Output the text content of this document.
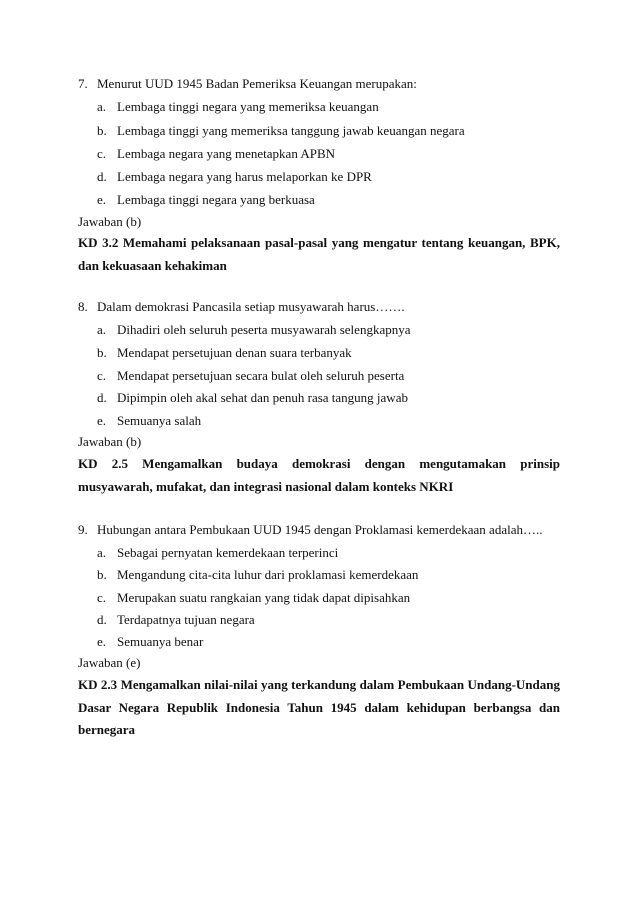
7. Menurut UUD 1945 Badan Pemeriksa Keuangan merupakan:
a. Lembaga tinggi negara yang memeriksa keuangan
b. Lembaga tinggi yang memeriksa tanggung jawab keuangan negara
c. Lembaga negara yang menetapkan APBN
d. Lembaga negara yang harus melaporkan ke DPR
e. Lembaga tinggi negara yang berkuasa
Jawaban (b)
KD 3.2 Memahami pelaksanaan pasal-pasal yang mengatur tentang keuangan, BPK, dan kekuasaan kehakiman
8. Dalam demokrasi Pancasila setiap musyawarah harus…….
a. Dihadiri oleh seluruh peserta musyawarah selengkapnya
b. Mendapat persetujuan denan suara terbanyak
c. Mendapat persetujuan secara bulat oleh seluruh peserta
d. Dipimpin oleh akal sehat dan penuh rasa tangung jawab
e. Semuanya salah
Jawaban (b)
KD 2.5 Mengamalkan budaya demokrasi dengan mengutamakan prinsip musyawarah, mufakat, dan integrasi nasional dalam konteks NKRI
9. Hubungan antara Pembukaan UUD 1945 dengan Proklamasi kemerdekaan adalah…..
a. Sebagai pernyatan kemerdekaan terperinci
b. Mengandung cita-cita luhur dari proklamasi kemerdekaan
c. Merupakan suatu rangkaian yang tidak dapat dipisahkan
d. Terdapatnya tujuan negara
e. Semuanya benar
Jawaban (e)
KD 2.3 Mengamalkan nilai-nilai yang terkandung dalam Pembukaan Undang-Undang Dasar Negara Republik Indonesia Tahun 1945 dalam kehidupan berbangsa dan bernegara
